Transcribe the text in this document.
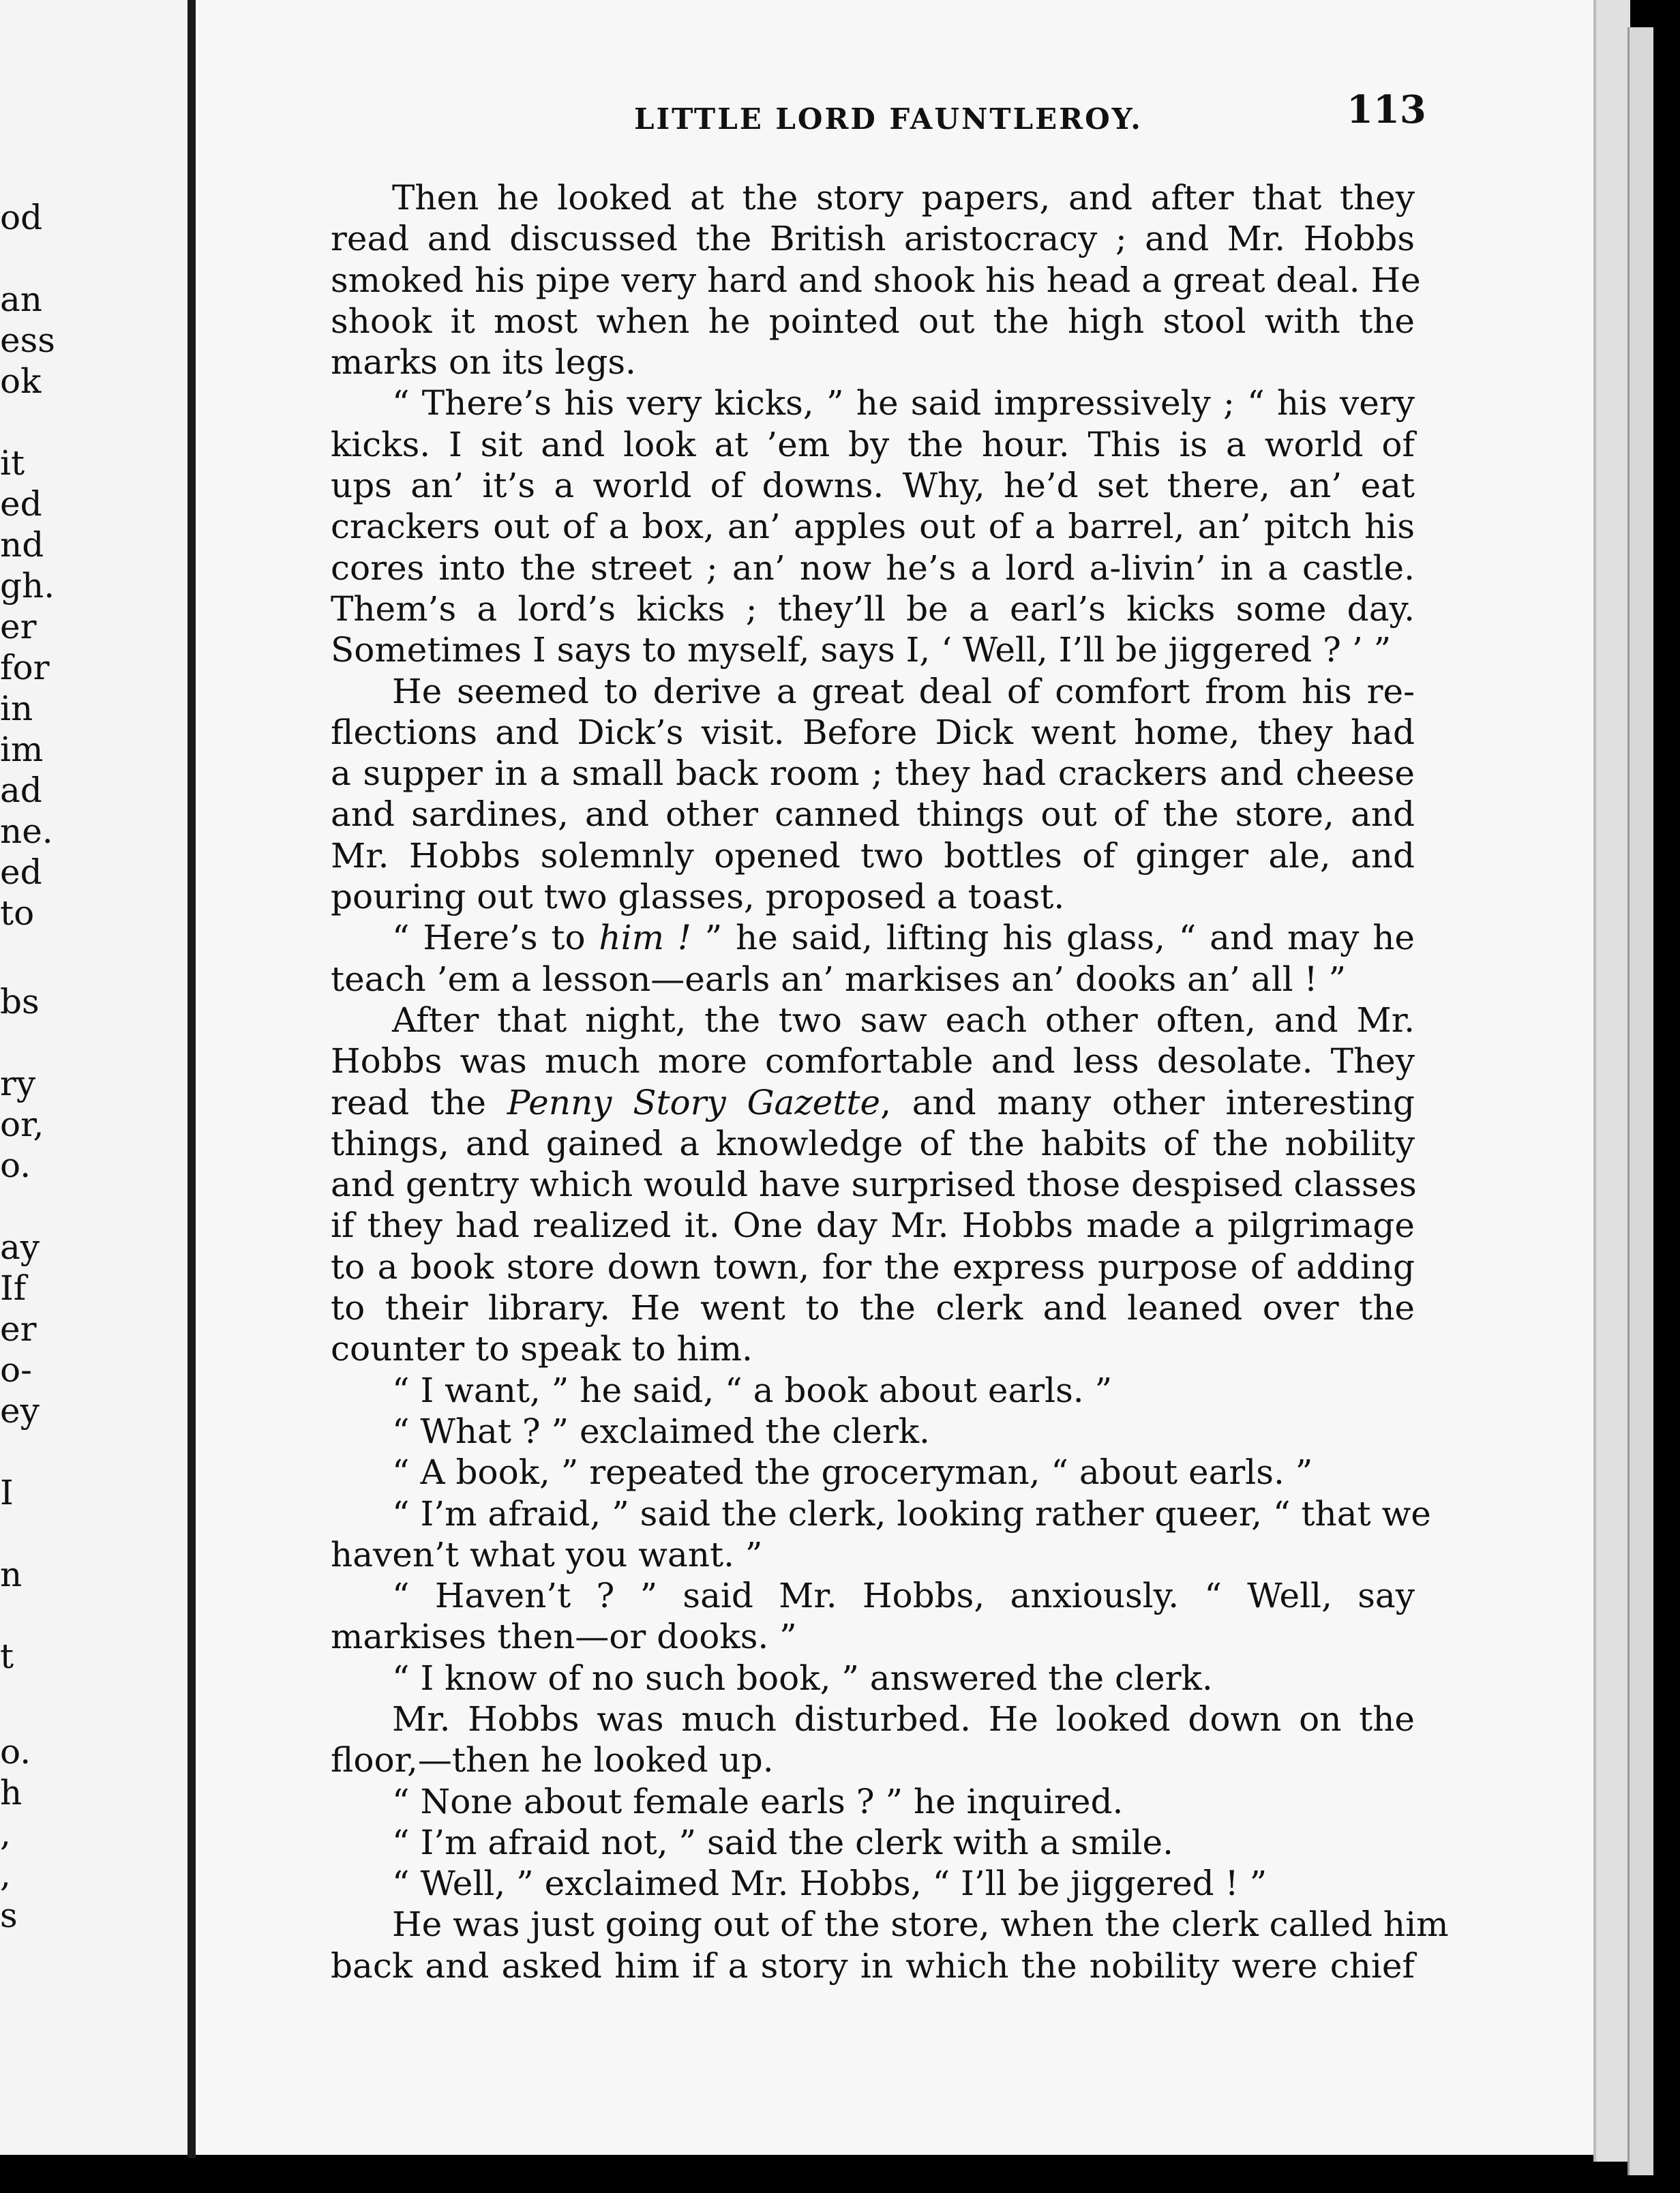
od
an
ess
ok
it
ed
nd
gh.
er
for
in
im
ad
ne.
ed
to
bs
ry
or,
o.
ay
If
er
o-
ey
I
n
t
o.
h
,
,
s
LITTLE LORD FAUNTLEROY.	113
Then he looked at the story papers, and after that they
read and discussed the British aristocracy ; and Mr. Hobbs
smoked his pipe very hard and shook his head a great deal. He
shook it most when he pointed out the high stool with the
marks on its legs.
“ There’s his very kicks, ” he said impressively ; “ his very
kicks. I sit and look at ’em by the hour. This is a world of
ups an’ it’s a world of downs. Why, he’d set there, an’ eat
crackers out of a box, an’ apples out of a barrel, an’ pitch his
cores into the street ; an’ now he’s a lord a-livin’ in a castle.
Them’s a lord’s kicks ; they’ll be a earl’s kicks some day.
Sometimes I says to myself, says I, ‘ Well, I’ll be jiggered ? ’ ”
He seemed to derive a great deal of comfort from his re-
flections and Dick’s visit. Before Dick went home, they had
a supper in a small back room ; they had crackers and cheese
and sardines, and other canned things out of the store, and
Mr. Hobbs solemnly opened two bottles of ginger ale, and
pouring out two glasses, proposed a toast.
“ Here’s to him ! ” he said, lifting his glass, “ and may he
teach ’em a lesson—earls an’ markises an’ dooks an’ all ! ”
After that night, the two saw each other often, and Mr.
Hobbs was much more comfortable and less desolate. They
read the Penny Story Gazette, and many other interesting
things, and gained a knowledge of the habits of the nobility
and gentry which would have surprised those despised classes
if they had realized it. One day Mr. Hobbs made a pilgrimage
to a book store down town, for the express purpose of adding
to their library. He went to the clerk and leaned over the
counter to speak to him.
“ I want, ” he said, “ a book about earls. ”
“ What ? ” exclaimed the clerk.
“ A book, ” repeated the groceryman, “ about earls. ”
“ I’m afraid, ” said the clerk, looking rather queer, “ that we
haven’t what you want. ”
“ Haven’t ? ” said Mr. Hobbs, anxiously. “ Well, say
markises then—or dooks. ”
“ I know of no such book, ” answered the clerk.
Mr. Hobbs was much disturbed. He looked down on the
floor,—then he looked up.
“ None about female earls ? ” he inquired.
“ I’m afraid not, ” said the clerk with a smile.
“ Well, ” exclaimed Mr. Hobbs, “ I’ll be jiggered ! ”
He was just going out of the store, when the clerk called him
back and asked him if a story in which the nobility were chief
